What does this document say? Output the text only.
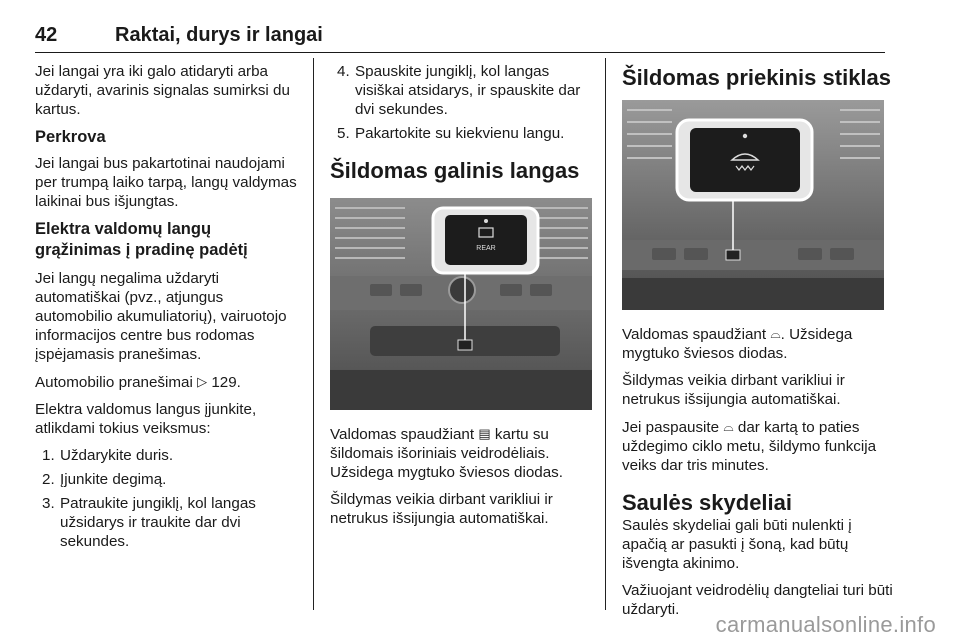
42	Raktai, durys ir langai

Jei langai yra iki galo atidaryti arba uždaryti, avarinis signalas sumirksi du kartus.

Perkrova

Jei langai bus pakartotinai naudojami per trumpą laiko tarpą, langų valdymas laikinai bus išjungtas.

Elektra valdomų langų
grąžinimas į pradinę padėtį

Jei langų negalima uždaryti automatiškai (pvz., atjungus automobilio akumuliatorių), vairuotojo informacijos centre bus rodomas įspėjamasis pranešimas.

Automobilio pranešimai ▷ 129.

Elektra valdomus langus įjunkite, atlikdami tokius veiksmus:

1. Uždarykite duris.
2. Įjunkite degimą.
3. Patraukite jungiklį, kol langas užsidarys ir traukite dar dvi sekundes.
4. Spauskite jungiklį, kol langas visiškai atsidarys, ir spauskite dar dvi sekundes.
5. Pakartokite su kiekvienu langu.
Šildomas galinis langas
REAR

Valdomas spaudžiant ▤ kartu su šildomais išoriniais veidrodėliais. Užsidega mygtuko šviesos diodas.

Šildymas veikia dirbant varikliui ir netrukus išsijungia automatiškai.

Šildomas priekinis stiklas

Valdomas spaudžiant ⌓. Užsidega mygtuko šviesos diodas.

Šildymas veikia dirbant varikliui ir netrukus išsijungia automatiškai.

Jei paspausite ⌓ dar kartą to paties uždegimo ciklo metu, šildymo funkcija veiks dar tris minutes.

Saulės skydeliai

Saulės skydeliai gali būti nulenkti į apačią ar pasukti į šoną, kad būtų išvengta akinimo.

Važiuojant veidrodėlių dangteliai turi būti uždaryti.

carmanualsonline.info
